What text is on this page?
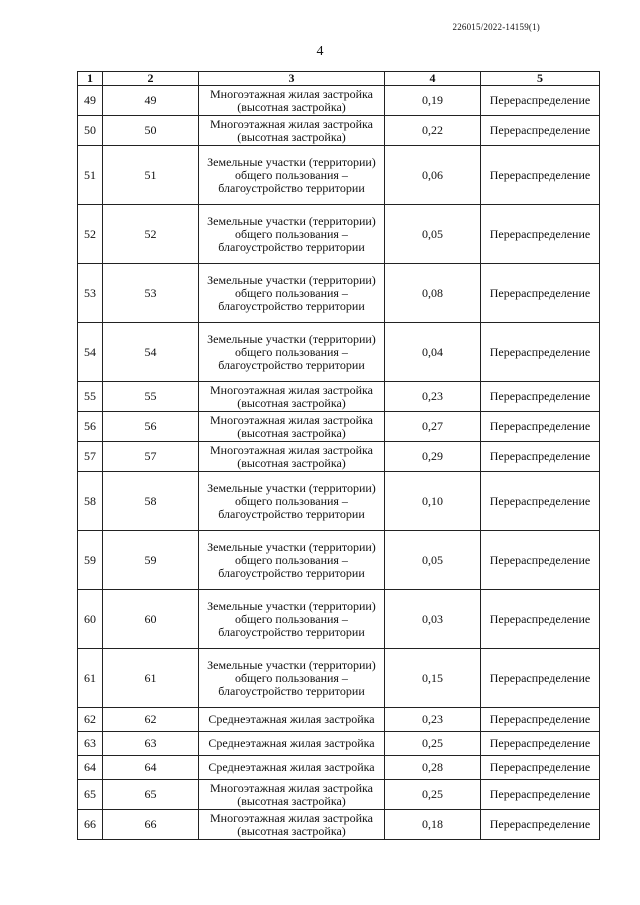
226015/2022-14159(1)
4
1	2	3	4	5
49	49	Многоэтажная жилая застройка (высотная застройка)	0,19	Перераспределение
50	50	Многоэтажная жилая застройка (высотная застройка)	0,22	Перераспределение
51	51	Земельные участки (территории) общего пользования – благоустройство территории	0,06	Перераспределение
52	52	Земельные участки (территории) общего пользования – благоустройство территории	0,05	Перераспределение
53	53	Земельные участки (территории) общего пользования – благоустройство территории	0,08	Перераспределение
54	54	Земельные участки (территории) общего пользования – благоустройство территории	0,04	Перераспределение
55	55	Многоэтажная жилая застройка (высотная застройка)	0,23	Перераспределение
56	56	Многоэтажная жилая застройка (высотная застройка)	0,27	Перераспределение
57	57	Многоэтажная жилая застройка (высотная застройка)	0,29	Перераспределение
58	58	Земельные участки (территории) общего пользования – благоустройство территории	0,10	Перераспределение
59	59	Земельные участки (территории) общего пользования – благоустройство территории	0,05	Перераспределение
60	60	Земельные участки (территории) общего пользования – благоустройство территории	0,03	Перераспределение
61	61	Земельные участки (территории) общего пользования – благоустройство территории	0,15	Перераспределение
62	62	Среднеэтажная жилая застройка	0,23	Перераспределение
63	63	Среднеэтажная жилая застройка	0,25	Перераспределение
64	64	Среднеэтажная жилая застройка	0,28	Перераспределение
65	65	Многоэтажная жилая застройка (высотная застройка)	0,25	Перераспределение
66	66	Многоэтажная жилая застройка (высотная застройка)	0,18	Перераспределение
